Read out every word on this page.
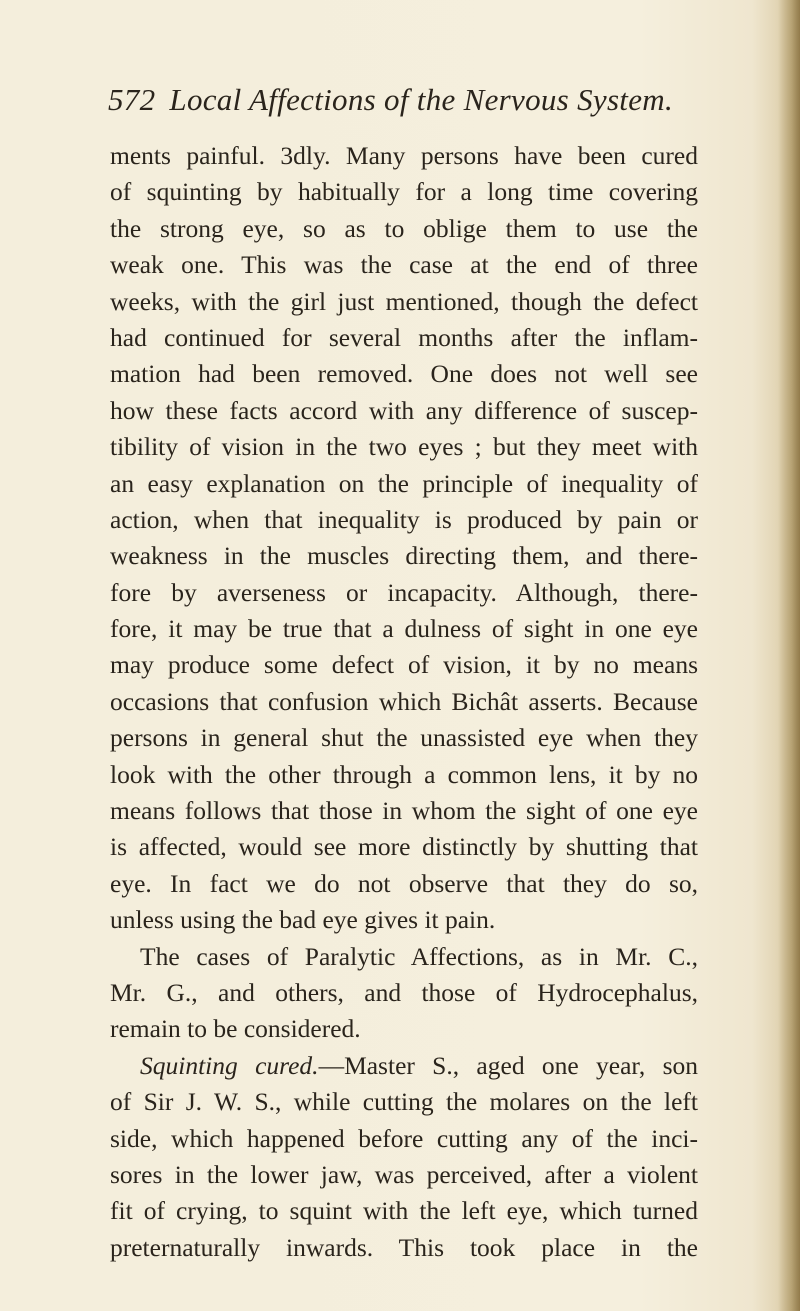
572 Local Affections of the Nervous System.
ments painful. 3dly. Many persons have been cured
of squinting by habitually for a long time covering
the strong eye, so as to oblige them to use the
weak one. This was the case at the end of three
weeks, with the girl just mentioned, though the defect
had continued for several months after the inflam-
mation had been removed. One does not well see
how these facts accord with any difference of suscep-
tibility of vision in the two eyes ; but they meet with
an easy explanation on the principle of inequality of
action, when that inequality is produced by pain or
weakness in the muscles directing them, and there-
fore by averseness or incapacity. Although, there-
fore, it may be true that a dulness of sight in one eye
may produce some defect of vision, it by no means
occasions that confusion which Bichât asserts. Because
persons in general shut the unassisted eye when they
look with the other through a common lens, it by no
means follows that those in whom the sight of one eye
is affected, would see more distinctly by shutting that
eye. In fact we do not observe that they do so,
unless using the bad eye gives it pain.
The cases of Paralytic Affections, as in Mr. C.,
Mr. G., and others, and those of Hydrocephalus,
remain to be considered.
Squinting cured.—Master S., aged one year, son
of Sir J. W. S., while cutting the molares on the left
side, which happened before cutting any of the inci-
sores in the lower jaw, was perceived, after a violent
fit of crying, to squint with the left eye, which turned
preternaturally inwards. This took place in the
